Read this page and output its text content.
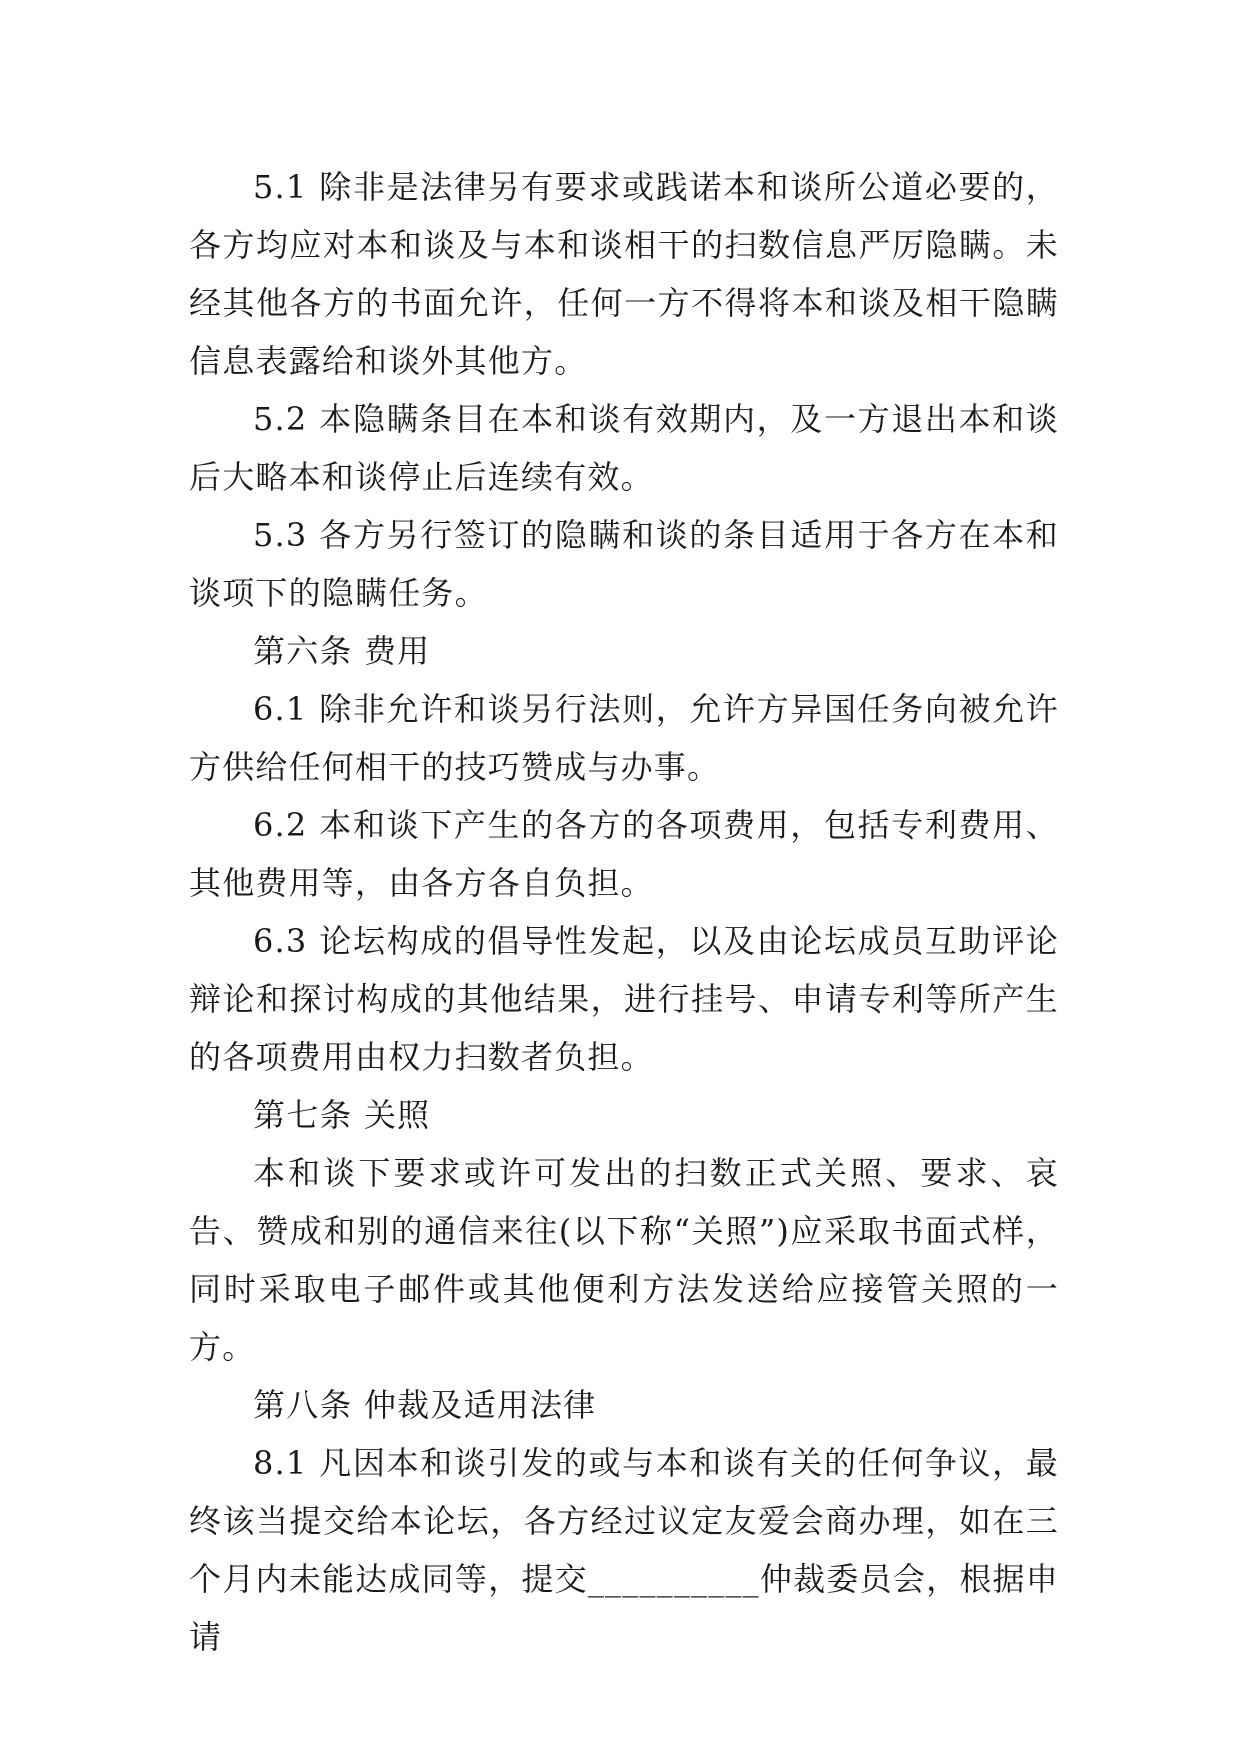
5.1 除非是法律另有要求或践诺本和谈所公道必要的，各方均应对本和谈及与本和谈相干的扫数信息严厉隐瞒。未经其他各方的书面允许，任何一方不得将本和谈及相干隐瞒信息表露给和谈外其他方。

5.2 本隐瞒条目在本和谈有效期内，及一方退出本和谈后大略本和谈停止后连续有效。

5.3 各方另行签订的隐瞒和谈的条目适用于各方在本和谈项下的隐瞒任务。

第六条 费用

6.1 除非允许和谈另行法则，允许方异国任务向被允许方供给任何相干的技巧赞成与办事。

6.2 本和谈下产生的各方的各项费用，包括专利费用、其他费用等，由各方各自负担。

6.3 论坛构成的倡导性发起，以及由论坛成员互助评论辩论和探讨构成的其他结果，进行挂号、申请专利等所产生的各项费用由权力扫数者负担。

第七条 关照

本和谈下要求或许可发出的扫数正式关照、要求、哀告、赞成和别的通信来往(以下称“关照”)应采取书面式样，同时采取电子邮件或其他便利方法发送给应接管关照的一方。

第八条 仲裁及适用法律

8.1 凡因本和谈引发的或与本和谈有关的任何争议，最终该当提交给本论坛，各方经过议定友爱会商办理，如在三个月内未能达成同等，提交__________仲裁委员会，根据申请
